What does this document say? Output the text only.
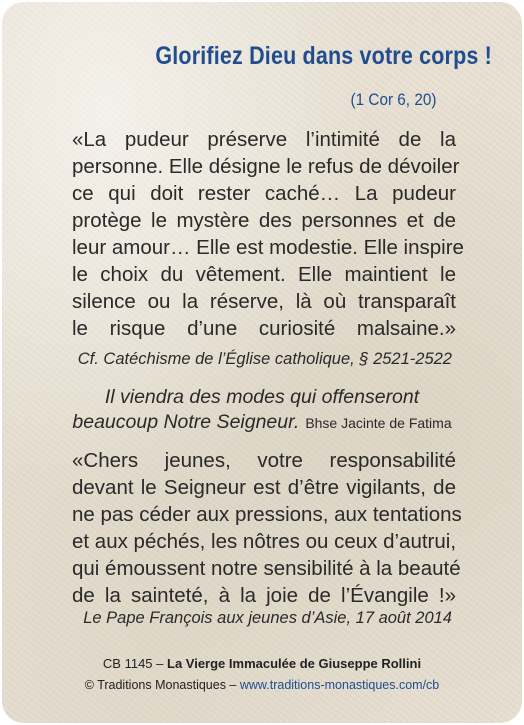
Glorifiez Dieu dans votre corps !
(1 Cor 6, 20)
«La pudeur préserve l’intimité de la
personne. Elle désigne le refus de dévoiler
ce qui doit rester caché… La pudeur
protège le mystère des personnes et de
leur amour… Elle est modestie. Elle inspire
le choix du vêtement. Elle maintient le
silence ou la réserve, là où transparaît
le risque d’une curiosité malsaine.»
Cf. Catéchisme de l’Église catholique, § 2521-2522
Il viendra des modes qui offenseront
beaucoup Notre Seigneur. Bhse Jacinte de Fatima
«Chers jeunes, votre responsabilité
devant le Seigneur est d’être vigilants, de
ne pas céder aux pressions, aux tentations
et aux péchés, les nôtres ou ceux d’autrui,
qui émoussent notre sensibilité à la beauté
de la sainteté, à la joie de l’Évangile !»
Le Pape François aux jeunes d’Asie, 17 août 2014
CB 1145 – La Vierge Immaculée de Giuseppe Rollini
© Traditions Monastiques – www.traditions-monastiques.com/cb
